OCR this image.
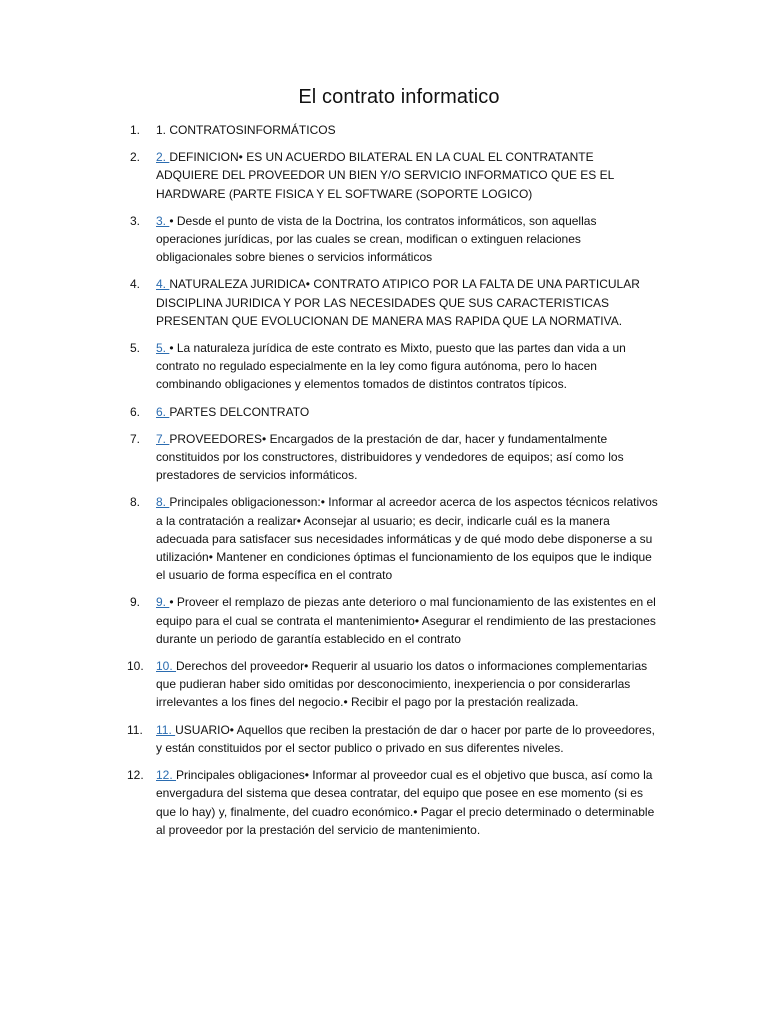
El contrato informatico
1.	1. CONTRATOSINFORMÁTICOS
2.	2. DEFINICION• ES UN ACUERDO BILATERAL EN LA CUAL EL CONTRATANTE ADQUIERE DEL PROVEEDOR UN BIEN Y/O SERVICIO INFORMATICO QUE ES EL HARDWARE (PARTE FISICA Y EL SOFTWARE (SOPORTE LOGICO)
3.	3. • Desde el punto de vista de la Doctrina, los contratos informáticos, son aquellas operaciones jurídicas, por las cuales se crean, modifican o extinguen relaciones obligacionales sobre bienes o servicios informáticos
4.	4. NATURALEZA JURIDICA• CONTRATO ATIPICO POR LA FALTA DE UNA PARTICULAR DISCIPLINA JURIDICA Y POR LAS NECESIDADES QUE SUS CARACTERISTICAS PRESENTAN QUE EVOLUCIONAN DE MANERA MAS RAPIDA QUE LA NORMATIVA.
5.	5. • La naturaleza jurídica de este contrato es Mixto, puesto que las partes dan vida a un contrato no regulado especialmente en la ley como figura autónoma, pero lo hacen combinando obligaciones y elementos tomados de distintos contratos típicos.
6.	6. PARTES DELCONTRATO
7.	7. PROVEEDORES• Encargados de la prestación de dar, hacer y fundamentalmente constituidos por los constructores, distribuidores y vendedores de equipos; así como los prestadores de servicios informáticos.
8.	8. Principales obligacionesson:• Informar al acreedor acerca de los aspectos técnicos relativos a la contratación a realizar• Aconsejar al usuario; es decir, indicarle cuál es la manera adecuada para satisfacer sus necesidades informáticas y de qué modo debe disponerse a su utilización• Mantener en condiciones óptimas el funcionamiento de los equipos que le indique el usuario de forma específica en el contrato
9.	9. • Proveer el remplazo de piezas ante deterioro o mal funcionamiento de las existentes en el equipo para el cual se contrata el mantenimiento• Asegurar el rendimiento de las prestaciones durante un periodo de garantía establecido en el contrato
10. 10. Derechos del proveedor• Requerir al usuario los datos o informaciones complementarias que pudieran haber sido omitidas por desconocimiento, inexperiencia o por considerarlas irrelevantes a los fines del negocio.• Recibir el pago por la prestación realizada.
11. 11. USUARIO• Aquellos que reciben la prestación de dar o hacer por parte de lo proveedores, y están constituidos por el sector publico o privado en sus diferentes niveles.
12. 12. Principales obligaciones• Informar al proveedor cual es el objetivo que busca, así como la envergadura del sistema que desea contratar, del equipo que posee en ese momento (si es que lo hay) y, finalmente, del cuadro económico.• Pagar el precio determinado o determinable al proveedor por la prestación del servicio de mantenimiento.
